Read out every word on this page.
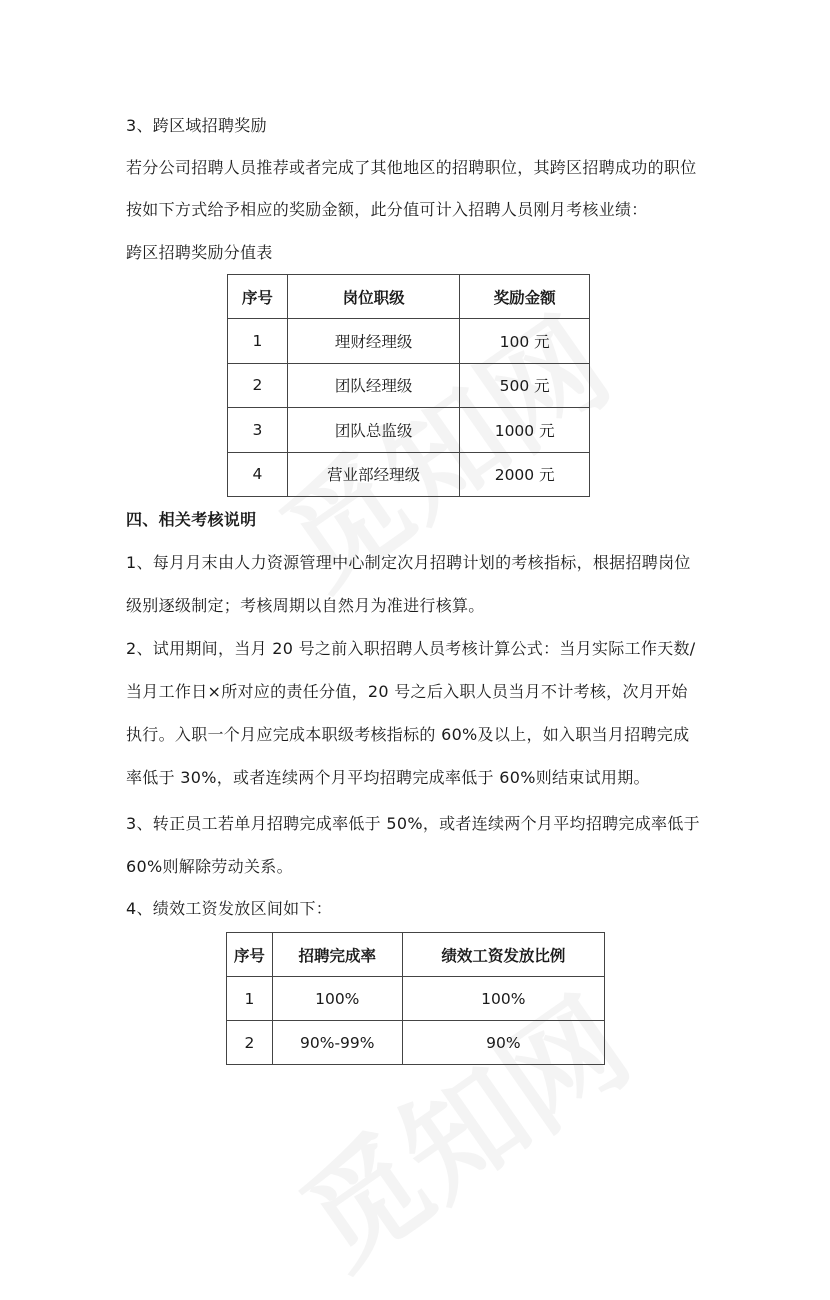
3、跨区域招聘奖励
若分公司招聘人员推荐或者完成了其他地区的招聘职位，其跨区招聘成功的职位
按如下方式给予相应的奖励金额，此分值可计入招聘人员刚月考核业绩：
跨区招聘奖励分值表
序号	岗位职级	奖励金额
1	理财经理级	100 元
2	团队经理级	500 元
3	团队总监级	1000 元
4	营业部经理级	2000 元
四、相关考核说明
1、每月月末由人力资源管理中心制定次月招聘计划的考核指标，根据招聘岗位
级别逐级制定；考核周期以自然月为准进行核算。
2、试用期间，当月 20 号之前入职招聘人员考核计算公式：当月实际工作天数/
当月工作日×所对应的责任分值，20 号之后入职人员当月不计考核，次月开始
执行。入职一个月应完成本职级考核指标的 60%及以上，如入职当月招聘完成
率低于 30%，或者连续两个月平均招聘完成率低于 60%则结束试用期。
3、转正员工若单月招聘完成率低于 50%，或者连续两个月平均招聘完成率低于
60%则解除劳动关系。
4、绩效工资发放区间如下：
序号	招聘完成率	绩效工资发放比例
1	100%	100%
2	90%-99%	90%
